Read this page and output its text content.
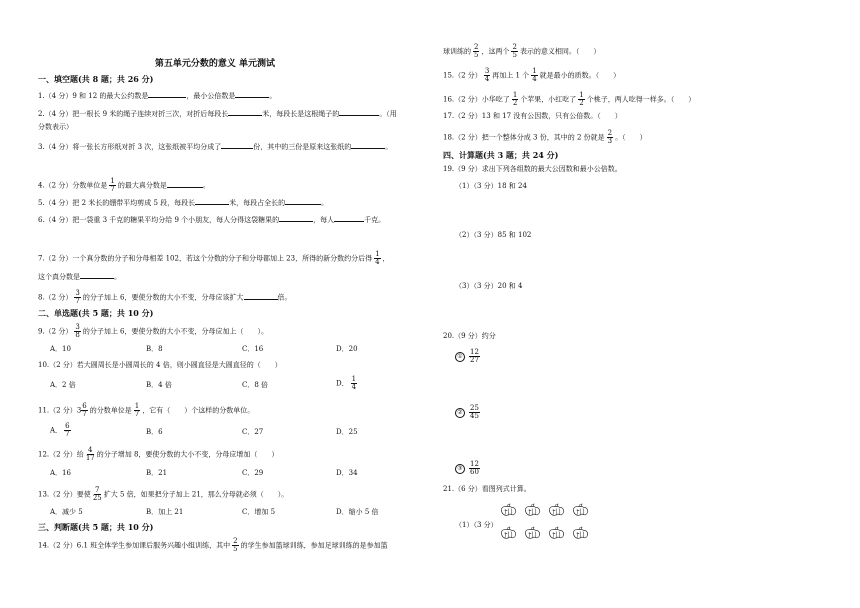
第五单元分数的意义 单元测试
一、填空题(共 8 题；共 26 分)
1.（4 分）9 和 12 的最大公约数是	，最小公倍数是	。
2.（4 分）把一根长 9 米的绳子连续对折三次，对折后每段长	米，每段长是这根绳子的	。（用
分数表示）
3.（4 分）将一张长方形纸对折 3 次，这张纸被平均分成了	份，其中的三份是原来这张纸的	。
4.（2 分）分数单位是 $\frac{1}{7}$ 的最大真分数是	。
5.（4 分）把 2 米长的绷带平均剪成 5 段，每段长	米，每段占全长的	。
6.（4 分）把一袋重 3 千克的糖果平均分给 9 个小朋友，每人分得这袋糖果的	，每人	千克。
7.（2 分）一个真分数的分子和分母相差 102，若这个分数的分子和分母都加上 23，所得的新分数约分后得 $\frac{1}{4}$ ，
这个真分数是	。
8.（2 分） $\frac{3}{7}$ 的分子加上 6，要使分数的大小不变，分母应该扩大	倍。
二、单选题(共 5 题；共 10 分)
9.（2 分） $\frac{3}{8}$ 的分子加上 6，要使分数的大小不变，分母应加上（　　）。
A．10	B．8	C．16	D．20
10.（2 分）若大圆周长是小圆周长的 4 倍，则小圆直径是大圆直径的（　　）
A．2 倍	B．4 倍	C．8 倍	D． $\frac{1}{4}$
11.（2 分）$3 \frac{6}{7}$ 的分数单位是 $\frac{1}{7}$ ，它有（　　）个这样的分数单位。
A． $\frac{6}{7}$	B．6	C．27	D．25
12.（2 分）给 $\frac{4}{17}$ 的分子增加 8，要使分数的大小不变，分母应增加（　　）
A．16	B．21	C．29	D．34
13.（2 分）要使 $\frac{7}{25}$ 扩大 5 倍，如果把分子加上 21，那么分母就必须（　　）。
A．减少 5	B．加上 21	C．增加 5	D．缩小 5 倍
三、判断题(共 5 题；共 10 分)
14.（2 分）6.1 班全体学生参加课后服务兴趣小组训练，其中 $\frac{2}{5}$ 的学生参加篮球训练，参加足球训练的是参加篮
球训练的 $\frac{2}{5}$ ，这两个 $\frac{2}{5}$ 表示的意义相同。（　　）
15.（2 分） $\frac{3}{4}$ 再加上 1 个 $\frac{1}{4}$ 就是最小的质数。（　　）
16.（2 分）小华吃了 $\frac{1}{2}$ 个苹果，小红吃了 $\frac{1}{2}$ 个桃子，两人吃得一样多。（　　）
17.（2 分）13 和 17 没有公因数，只有公倍数。（　　）
18.（2 分）把一个整体分成 3 份，其中的 2 份就是 $\frac{2}{3}$ 。（　　）
四、计算题(共 3 题；共 24 分)
19.（9 分）求出下列各组数的最大公因数和最小公倍数。
（1）（3 分）18 和 24
（2）（3 分）85 和 102
（3）（3 分）20 和 4
20.（9 分）约分
① $\frac{12}{27}$
② $\frac{25}{45}$
③ $\frac{12}{60}$
21.（6 分）看图列式计算。
（1）（3 分）
